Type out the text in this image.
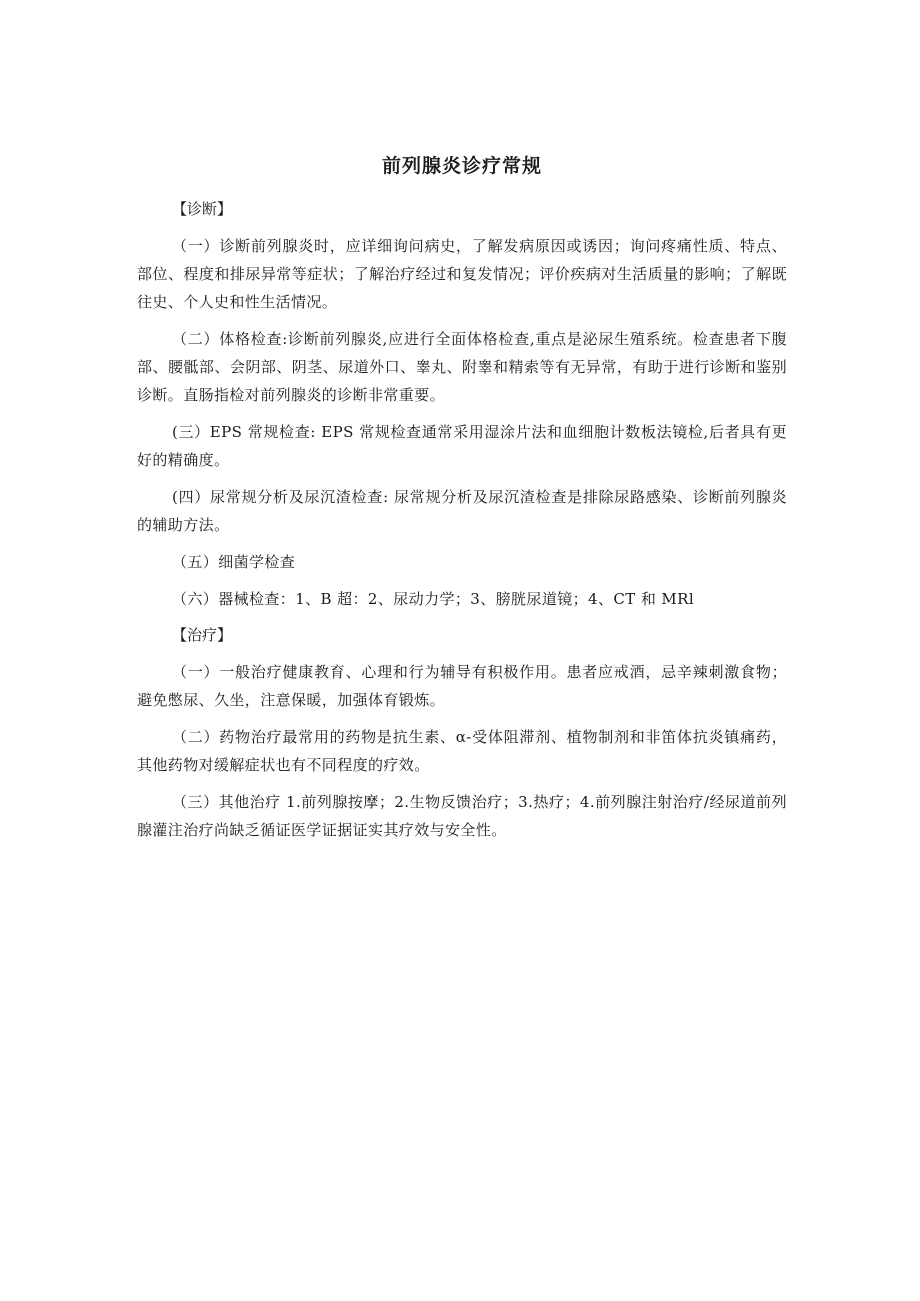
前列腺炎诊疗常规
【诊断】

（一）诊断前列腺炎时，应详细询问病史，了解发病原因或诱因；询问疼痛性质、特点、部位、程度和排尿异常等症状；了解治疗经过和复发情况；评价疾病对生活质量的影响；了解既往史、个人史和性生活情况。

（二）体格检查:诊断前列腺炎,应进行全面体格检查,重点是泌尿生殖系统。检查患者下腹部、腰骶部、会阴部、阴茎、尿道外口、睾丸、附睾和精索等有无异常，有助于进行诊断和鉴别诊断。直肠指检对前列腺炎的诊断非常重要。

(三）EPS 常规检查: EPS 常规检查通常采用湿涂片法和血细胞计数板法镜检,后者具有更好的精确度。

(四）尿常规分析及尿沉渣检查: 尿常规分析及尿沉渣检查是排除尿路感染、诊断前列腺炎的辅助方法。

（五）细菌学检查

（六）器械检查：1、B 超：2、尿动力学；3、膀胱尿道镜；4、CT 和 MRl

【治疗】

（一）一般治疗健康教育、心理和行为辅导有积极作用。患者应戒酒，忌辛辣刺激食物；避免憋尿、久坐，注意保暖，加强体育锻炼。

（二）药物治疗最常用的药物是抗生素、α-受体阻滞剂、植物制剂和非笛体抗炎镇痛药，其他药物对缓解症状也有不同程度的疗效。

（三）其他治疗 1.前列腺按摩；2.生物反馈治疗；3.热疗；4.前列腺注射治疗/经尿道前列腺灌注治疗尚缺乏循证医学证据证实其疗效与安全性。
